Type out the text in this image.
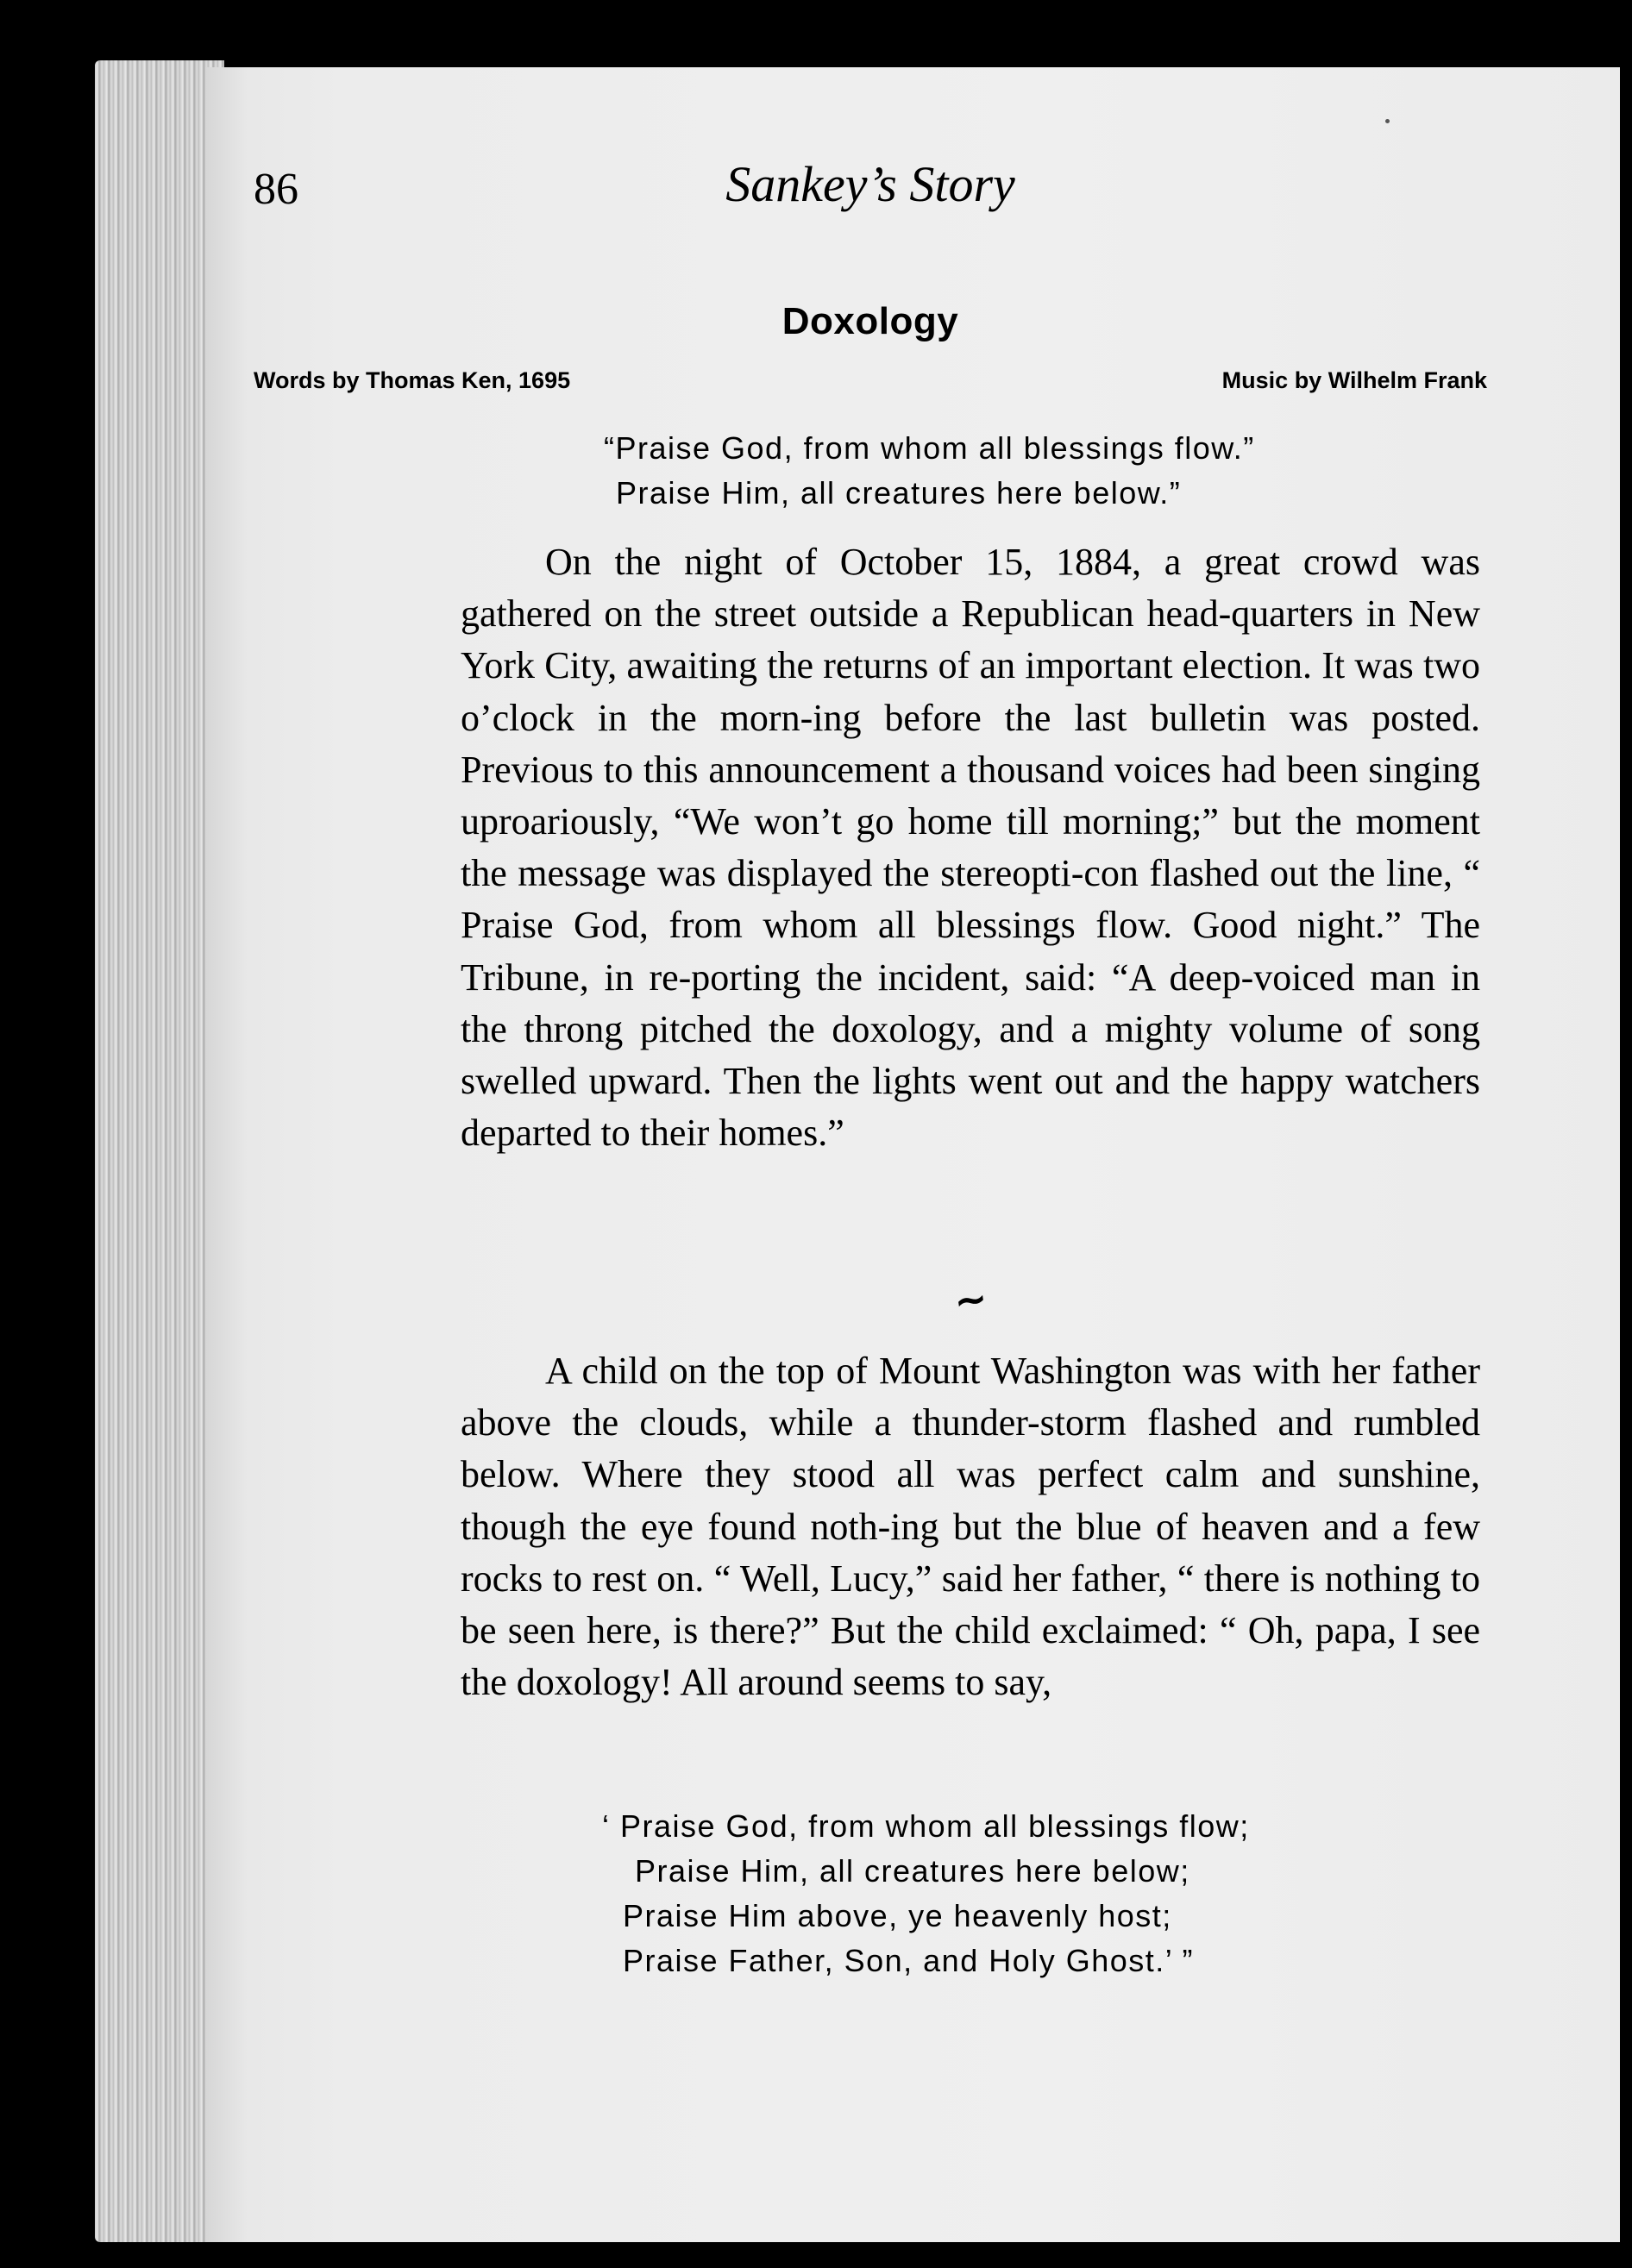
86	Sankey’s Story
Doxology
Words by Thomas Ken, 1695	Music by Wilhelm Frank
“Praise God, from whom all blessings flow.”
Praise Him, all creatures here below.”

On the night of October 15, 1884, a great crowd was gathered on the street outside a Republican head-quarters in New York City, awaiting the returns of an important election. It was two o’clock in the morn-ing before the last bulletin was posted. Previous to this announcement a thousand voices had been singing uproariously, “We won’t go home till morning;” but the moment the message was displayed the stereopti-con flashed out the line, “ Praise God, from whom all blessings flow. Good night.” The Tribune, in re-porting the incident, said: “A deep-voiced man in the throng pitched the doxology, and a mighty volume of song swelled upward. Then the lights went out and the happy watchers departed to their homes.”

~

A child on the top of Mount Washington was with her father above the clouds, while a thunder-storm flashed and rumbled below. Where they stood all was perfect calm and sunshine, though the eye found noth-ing but the blue of heaven and a few rocks to rest on. “ Well, Lucy,” said her father, “ there is nothing to be seen here, is there?” But the child exclaimed: “ Oh, papa, I see the doxology! All around seems to say,

‘ Praise God, from whom all blessings flow;
Praise Him, all creatures here below;
Praise Him above, ye heavenly host;
Praise Father, Son, and Holy Ghost.’ ”
